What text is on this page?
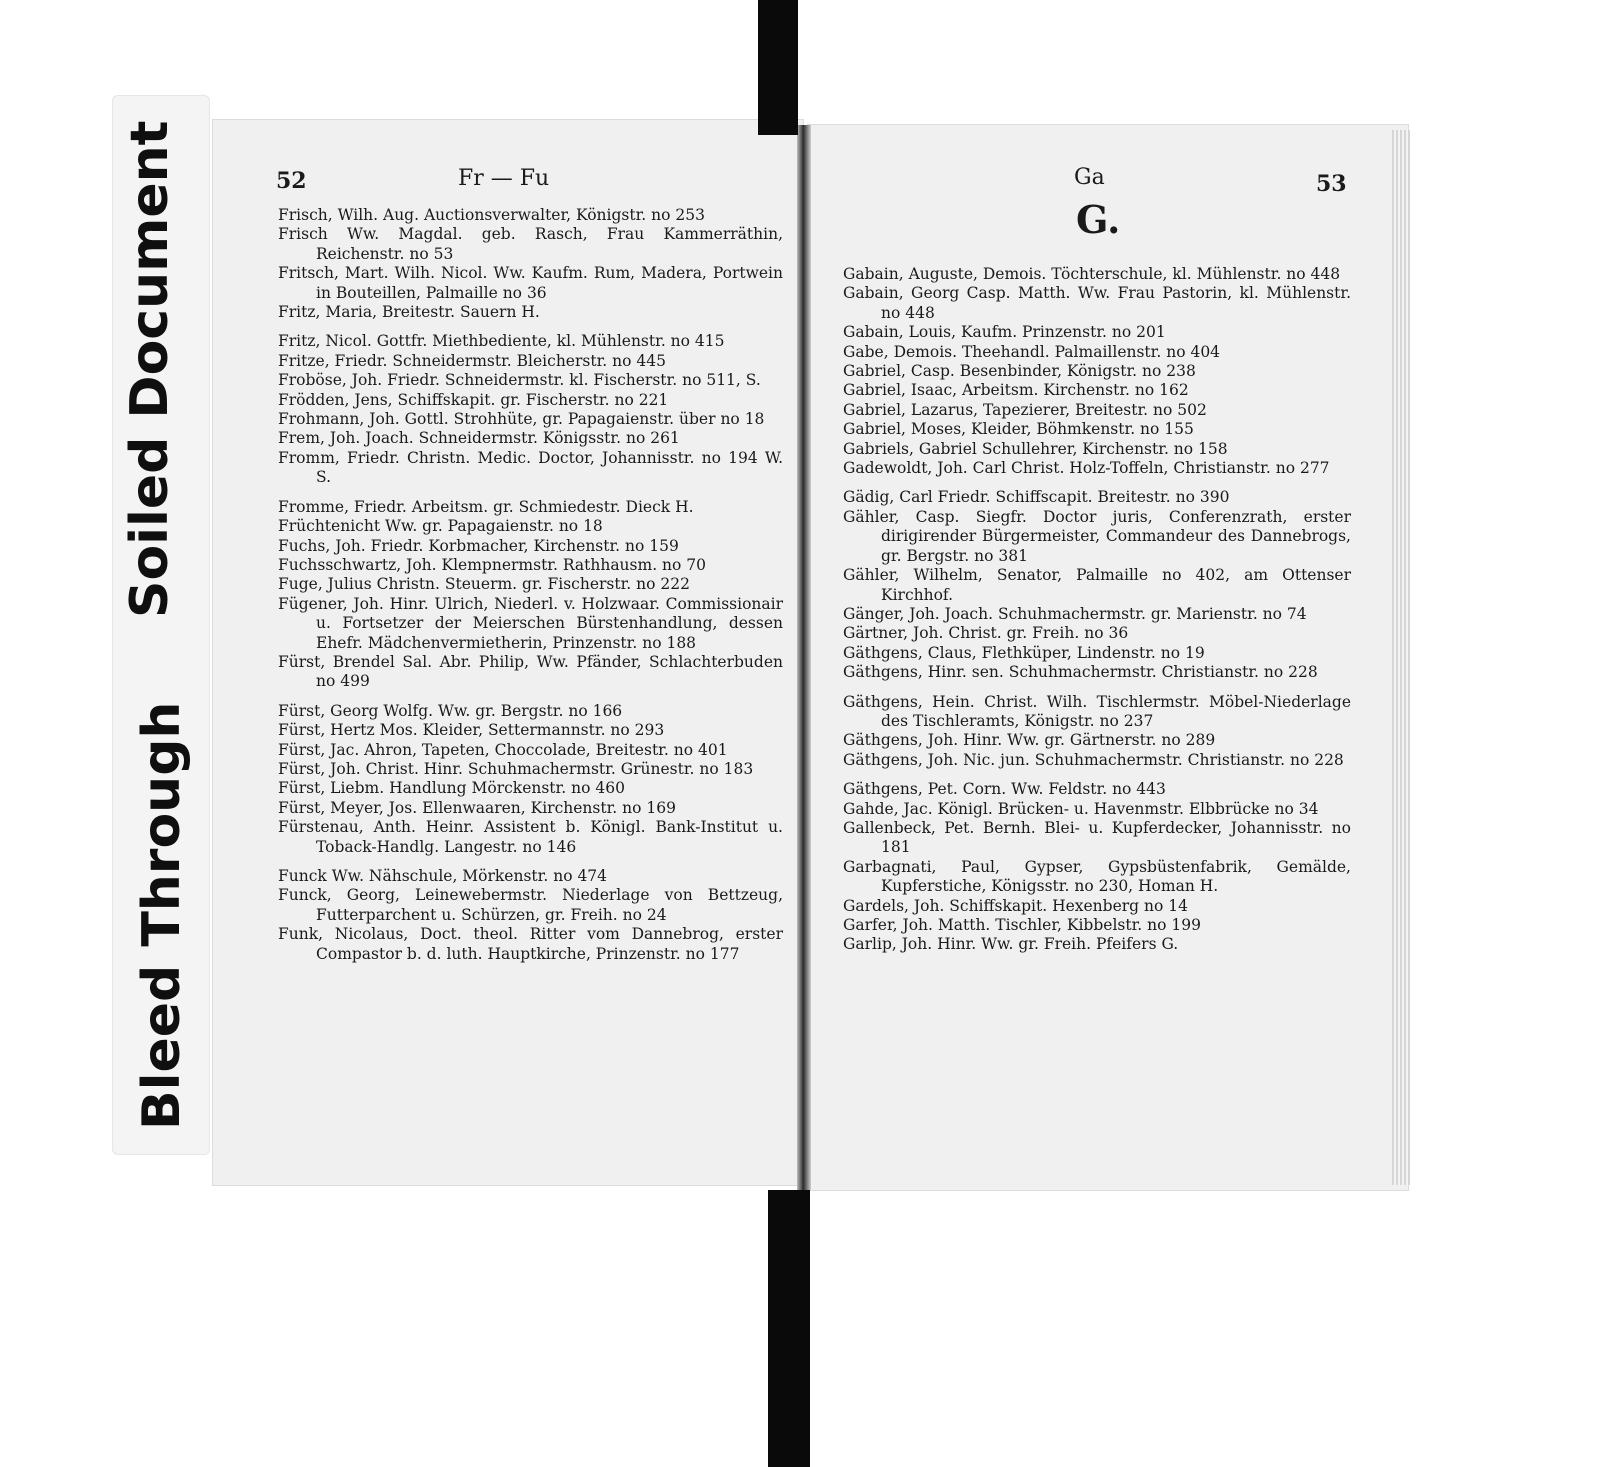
Soiled Document
Bleed Through
52	Fr — Fu	Ga	53
G.

Frisch, Wilh. Aug. Auctionsverwalter, Königstr. no 253

Frisch Ww. Magdal. geb. Rasch, Frau Kammerräthin, Reichenstr. no 53

Fritsch, Mart. Wilh. Nicol. Ww. Kaufm. Rum, Madera, Portwein in Bouteillen, Palmaille no 36

Fritz, Maria, Breitestr. Sauern H.

Fritz, Nicol. Gottfr. Miethbediente, kl. Mühlenstr. no 415

Fritze, Friedr. Schneidermstr. Bleicherstr. no 445

Froböse, Joh. Friedr. Schneidermstr. kl. Fischerstr. no 511, S.

Frödden, Jens, Schiffskapit. gr. Fischerstr. no 221

Frohmann, Joh. Gottl. Strohhüte, gr. Papagaienstr. über no 18

Frem, Joh. Joach. Schneidermstr. Königsstr. no 261

Fromm, Friedr. Christn. Medic. Doctor, Johannisstr. no 194 W. S.

Fromme, Friedr. Arbeitsm. gr. Schmiedestr. Dieck H.

Früchtenicht Ww. gr. Papagaienstr. no 18

Fuchs, Joh. Friedr. Korbmacher, Kirchenstr. no 159

Fuchsschwartz, Joh. Klempnermstr. Rathhausm. no 70

Fuge, Julius Christn. Steuerm. gr. Fischerstr. no 222

Fügener, Joh. Hinr. Ulrich, Niederl. v. Holzwaar. Commissionair u. Fortsetzer der Meierschen Bürstenhandlung, dessen Ehefr. Mädchenvermietherin, Prinzenstr. no 188

Fürst, Brendel Sal. Abr. Philip, Ww. Pfänder, Schlachterbuden no 499

Fürst, Georg Wolfg. Ww. gr. Bergstr. no 166

Fürst, Hertz Mos. Kleider, Settermannstr. no 293

Fürst, Jac. Ahron, Tapeten, Choccolade, Breitestr. no 401

Fürst, Joh. Christ. Hinr. Schuhmachermstr. Grünestr. no 183

Fürst, Liebm. Handlung Mörckenstr. no 460

Fürst, Meyer, Jos. Ellenwaaren, Kirchenstr. no 169

Fürstenau, Anth. Heinr. Assistent b. Königl. Bank-Institut u. Toback-Handlg. Langestr. no 146

Funck Ww. Nähschule, Mörkenstr. no 474

Funck, Georg, Leinewebermstr. Niederlage von Bettzeug, Futterparchent u. Schürzen, gr. Freih. no 24

Funk, Nicolaus, Doct. theol. Ritter vom Dannebrog, erster Compastor b. d. luth. Hauptkirche, Prinzenstr. no 177

Gabain, Auguste, Demois. Töchterschule, kl. Mühlenstr. no 448

Gabain, Georg Casp. Matth. Ww. Frau Pastorin, kl. Mühlenstr. no 448

Gabain, Louis, Kaufm. Prinzenstr. no 201

Gabe, Demois. Theehandl. Palmaillenstr. no 404

Gabriel, Casp. Besenbinder, Königstr. no 238

Gabriel, Isaac, Arbeitsm. Kirchenstr. no 162

Gabriel, Lazarus, Tapezierer, Breitestr. no 502

Gabriel, Moses, Kleider, Böhmkenstr. no 155

Gabriels, Gabriel Schullehrer, Kirchenstr. no 158

Gadewoldt, Joh. Carl Christ. Holz-Toffeln, Christianstr. no 277

Gädig, Carl Friedr. Schiffscapit. Breitestr. no 390

Gähler, Casp. Siegfr. Doctor juris, Conferenzrath, erster dirigirender Bürgermeister, Commandeur des Dannebrogs, gr. Bergstr. no 381

Gähler, Wilhelm, Senator, Palmaille no 402, am Ottenser Kirchhof.

Gänger, Joh. Joach. Schuhmachermstr. gr. Marienstr. no 74

Gärtner, Joh. Christ. gr. Freih. no 36

Gäthgens, Claus, Flethküper, Lindenstr. no 19

Gäthgens, Hinr. sen. Schuhmachermstr. Christianstr. no 228

Gäthgens, Hein. Christ. Wilh. Tischlermstr. Möbel-Niederlage des Tischleramts, Königstr. no 237

Gäthgens, Joh. Hinr. Ww. gr. Gärtnerstr. no 289

Gäthgens, Joh. Nic. jun. Schuhmachermstr. Christianstr. no 228

Gäthgens, Pet. Corn. Ww. Feldstr. no 443

Gahde, Jac. Königl. Brücken- u. Havenmstr. Elbbrücke no 34

Gallenbeck, Pet. Bernh. Blei- u. Kupferdecker, Johannisstr. no 181

Garbagnati, Paul, Gypser, Gypsbüstenfabrik, Gemälde, Kupferstiche, Königsstr. no 230, Homan H.

Gardels, Joh. Schiffskapit. Hexenberg no 14

Garfer, Joh. Matth. Tischler, Kibbelstr. no 199

Garlip, Joh. Hinr. Ww. gr. Freih. Pfeifers G.
